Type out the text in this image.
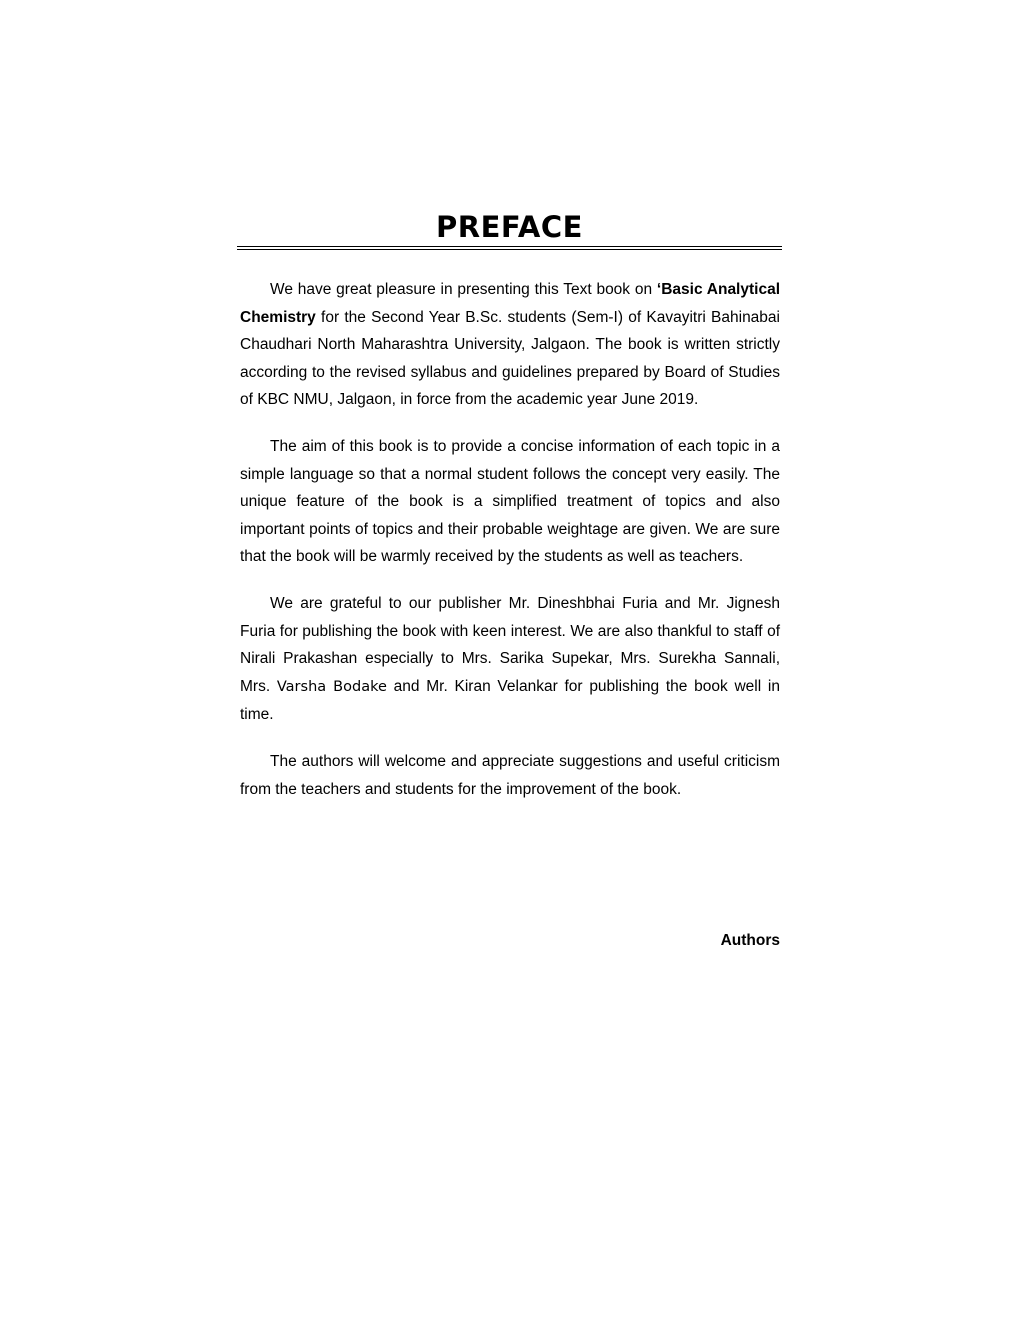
PREFACE

We have great pleasure in presenting this Text book on ‘Basic Analytical Chemistry for the Second Year B.Sc. students (Sem-I) of Kavayitri Bahinabai Chaudhari North Maharashtra University, Jalgaon. The book is written strictly according to the revised syllabus and guidelines prepared by Board of Studies of KBC NMU, Jalgaon, in force from the academic year June 2019.

The aim of this book is to provide a concise information of each topic in a simple language so that a normal student follows the concept very easily. The unique feature of the book is a simplified treatment of topics and also important points of topics and their probable weightage are given. We are sure that the book will be warmly received by the students as well as teachers.

We are grateful to our publisher Mr. Dineshbhai Furia and Mr. Jignesh Furia for publishing the book with keen interest. We are also thankful to staff of Nirali Prakashan especially to Mrs. Sarika Supekar, Mrs. Surekha Sannali, Mrs. Varsha Bodake and Mr. Kiran Velankar for publishing the book well in time.

The authors will welcome and appreciate suggestions and useful criticism from the teachers and students for the improvement of the book.

Authors
